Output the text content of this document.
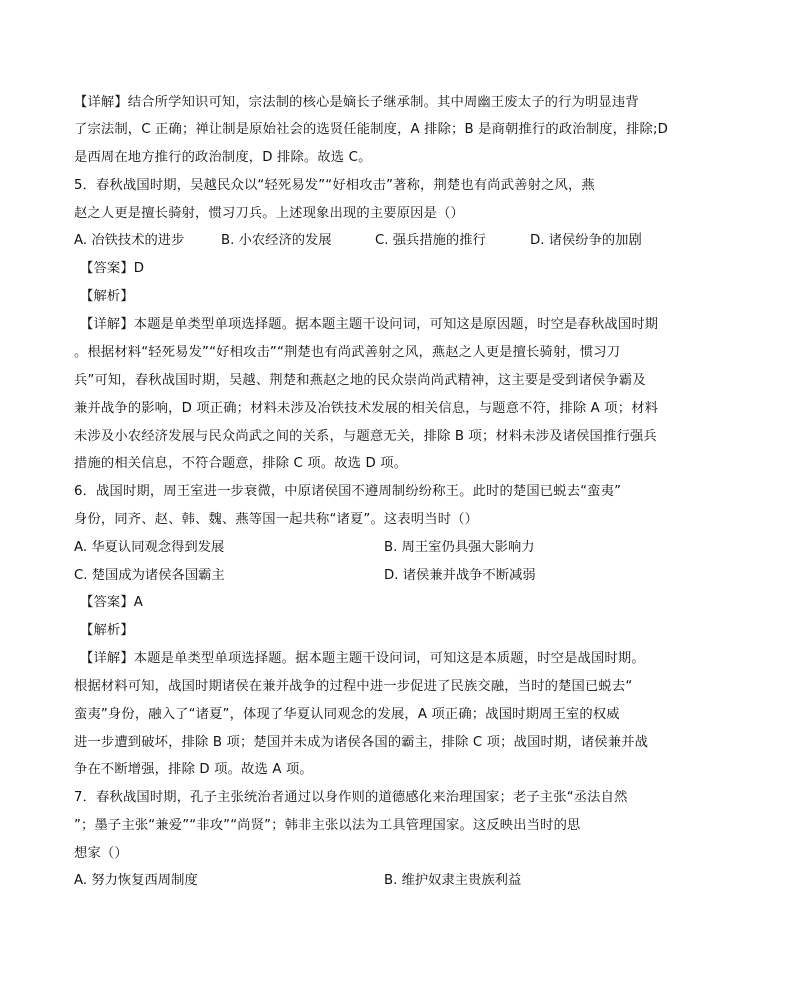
【详解】结合所学知识可知，宗法制的核心是嫡长子继承制。其中周幽王废太子的行为明显违背
了宗法制，C 正确；禅让制是原始社会的选贤任能制度，A 排除；B 是商朝推行的政治制度，排除;D
是西周在地方推行的政治制度，D 排除。故选 C。
5．春秋战国时期，吴越民众以“轻死易发”“好相攻击”著称，荆楚也有尚武善射之风，燕
赵之人更是擅长骑射，惯习刀兵。上述现象出现的主要原因是（）
A. 冶铁技术的进步	B. 小农经济的发展	C. 强兵措施的推行	D. 诸侯纷争的加剧
【答案】D
【解析】
【详解】本题是单类型单项选择题。据本题主题干设问词，可知这是原因题，时空是春秋战国时期
。根据材料“轻死易发”“好相攻击”“荆楚也有尚武善射之风，燕赵之人更是擅长骑射，惯习刀
兵”可知，春秋战国时期，吴越、荆楚和燕赵之地的民众崇尚尚武精神，这主要是受到诸侯争霸及
兼并战争的影响，D 项正确；材料未涉及冶铁技术发展的相关信息，与题意不符，排除 A 项；材料
未涉及小农经济发展与民众尚武之间的关系，与题意无关，排除 B 项；材料未涉及诸侯国推行强兵
措施的相关信息，不符合题意，排除 C 项。故选 D 项。
6．战国时期，周王室进一步衰微，中原诸侯国不遵周制纷纷称王。此时的楚国已蜕去“蛮夷”
身份，同齐、赵、韩、魏、燕等国一起共称“诸夏”。这表明当时（）
A. 华夏认同观念得到发展	B. 周王室仍具强大影响力
C. 楚国成为诸侯各国霸主	D. 诸侯兼并战争不断减弱
【答案】A
【解析】
【详解】本题是单类型单项选择题。据本题主题干设问词，可知这是本质题，时空是战国时期。
根据材料可知，战国时期诸侯在兼并战争的过程中进一步促进了民族交融，当时的楚国已蜕去“
蛮夷”身份，融入了“诸夏”，体现了华夏认同观念的发展，A 项正确；战国时期周王室的权威
进一步遭到破坏，排除 B 项；楚国并未成为诸侯各国的霸主，排除 C 项；战国时期，诸侯兼并战
争在不断增强，排除 D 项。故选 A 项。
7．春秋战国时期，孔子主张统治者通过以身作则的道德感化来治理国家；老子主张“丞法自然
”；墨子主张“兼爱”“非攻”“尚贤”；韩非主张以法为工具管理国家。这反映出当时的思
想家（）
A. 努力恢复西周制度	B. 维护奴隶主贵族利益
